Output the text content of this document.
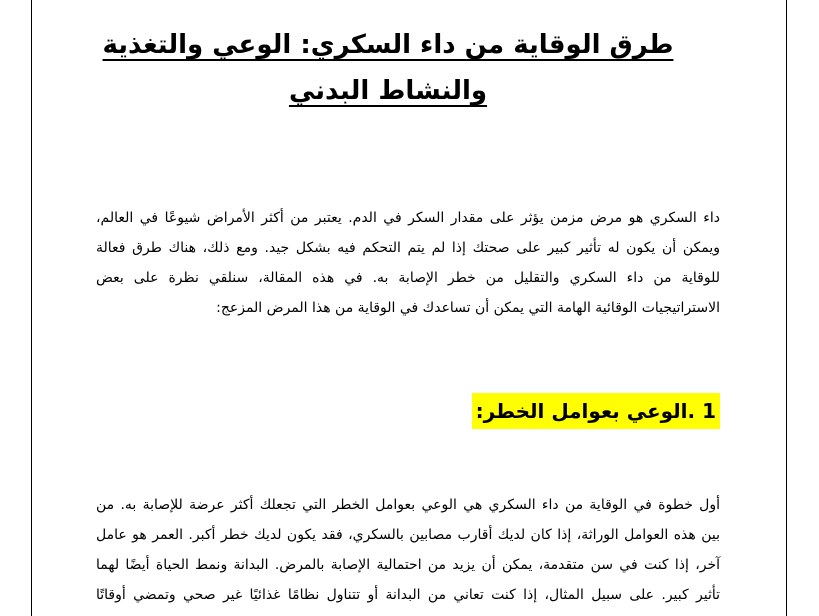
طرق الوقاية من داء السكري: الوعي والتغذية والنشاط البدني
داء السكري هو مرض مزمن يؤثر على مقدار السكر في الدم. يعتبر من أكثر الأمراض شيوعًا في العالم،
ويمكن أن يكون له تأثير كبير على صحتك إذا لم يتم التحكم فيه بشكل جيد. ومع ذلك، هناك طرق فعالة
للوقاية من داء السكري والتقليل من خطر الإصابة به. في هذه المقالة، سنلقي نظرة على بعض
الاستراتيجيات الوقائية الهامة التي يمكن أن تساعدك في الوقاية من هذا المرض المزعج:
1 .الوعي بعوامل الخطر:
أول خطوة في الوقاية من داء السكري هي الوعي بعوامل الخطر التي تجعلك أكثر عرضة للإصابة به. من
بين هذه العوامل الوراثة، إذا كان لديك أقارب مصابين بالسكري، فقد يكون لديك خطر أكبر. العمر هو عامل
آخر، إذا كنت في سن متقدمة، يمكن أن يزيد من احتمالية الإصابة بالمرض. البدانة ونمط الحياة أيضًا لهما
تأثير كبير. على سبيل المثال، إذا كنت تعاني من البدانة أو تتناول نظامًا غذائيًا غير صحي وتمضي أوقاتًا
